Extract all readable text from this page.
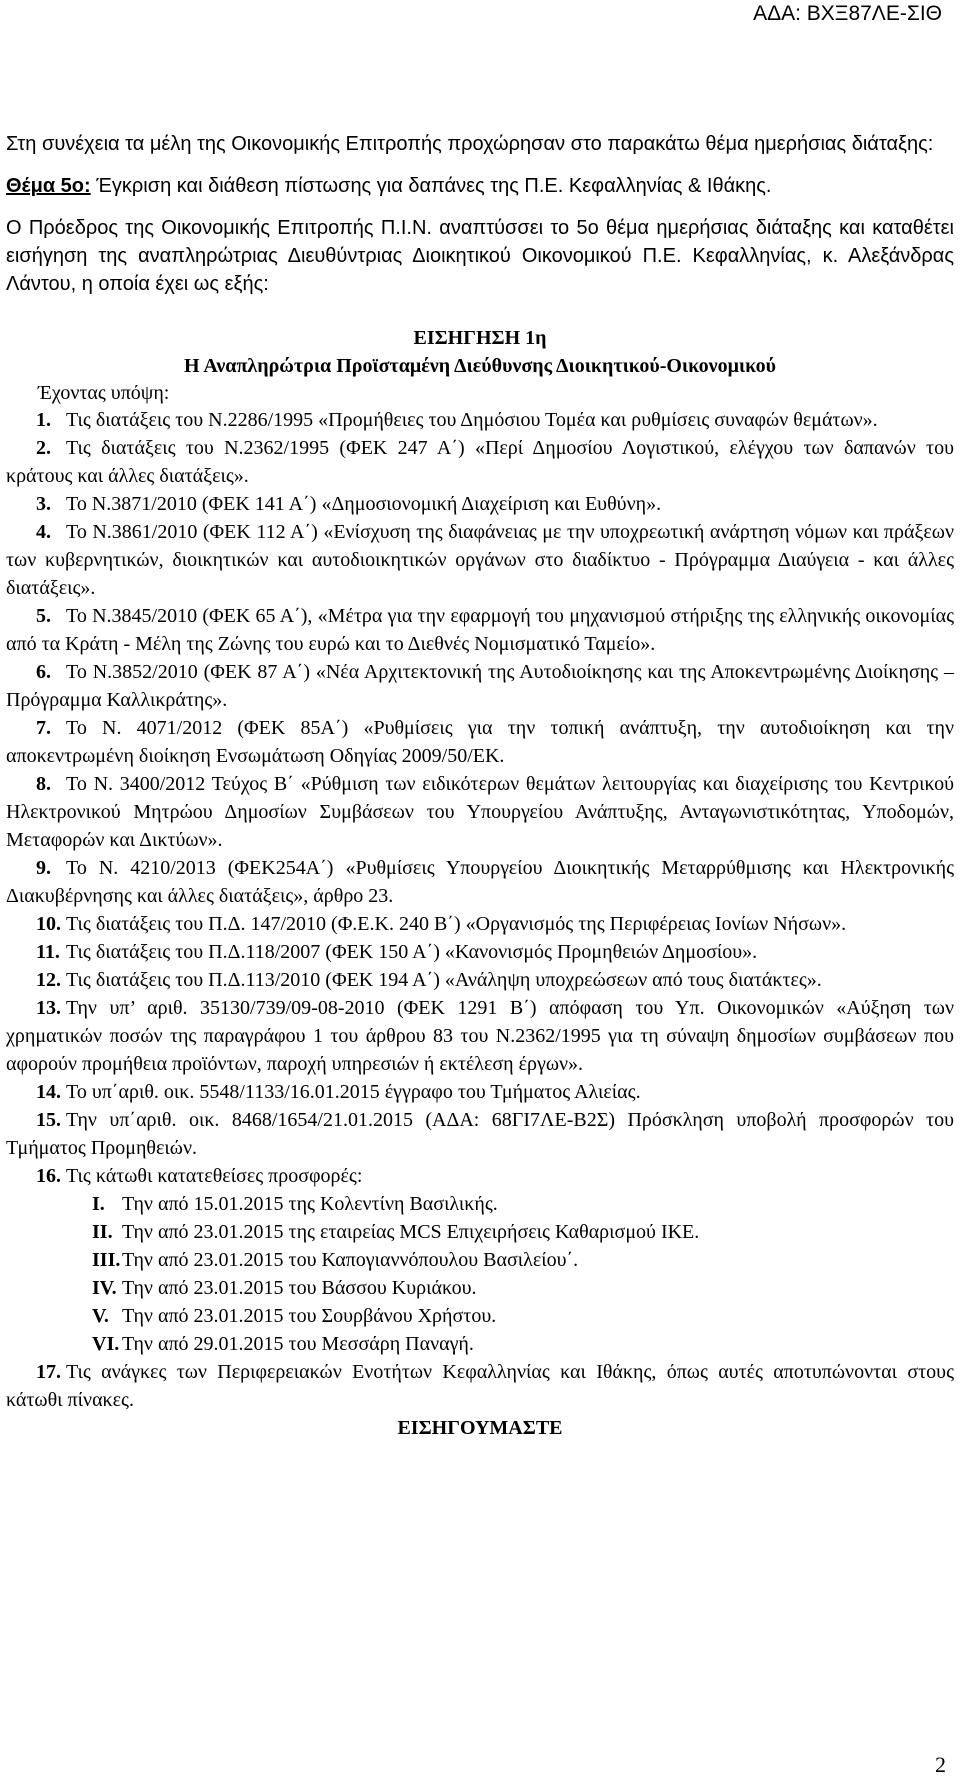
ΑΔΑ: ΒΧΞ87ΛΕ-ΣΙΘ
Στη συνέχεια τα μέλη της Οικονομικής Επιτροπής προχώρησαν στο παρακάτω θέμα ημερήσιας διάταξης:
Θέμα 5ο: Έγκριση και διάθεση πίστωσης για δαπάνες της Π.Ε. Κεφαλληνίας & Ιθάκης.
Ο Πρόεδρος της Οικονομικής Επιτροπής Π.Ι.Ν. αναπτύσσει το 5ο θέμα ημερήσιας διάταξης και καταθέτει εισήγηση της αναπληρώτριας Διευθύντριας Διοικητικού Οικονομικού Π.Ε. Κεφαλληνίας, κ. Αλεξάνδρας Λάντου, η οποία έχει ως εξής:
ΕΙΣΗΓΗΣΗ 1η
Η Αναπληρώτρια Προϊσταμένη Διεύθυνσης Διοικητικού-Οικονομικού
Έχοντας υπόψη:
1. Τις διατάξεις του Ν.2286/1995 «Προμήθειες του Δημόσιου Τομέα και ρυθμίσεις συναφών θεμάτων».
2. Τις διατάξεις του Ν.2362/1995 (ΦΕΚ 247 Α΄) «Περί Δημοσίου Λογιστικού, ελέγχου των δαπανών του κράτους και άλλες διατάξεις».
3. Το Ν.3871/2010 (ΦΕΚ 141 Α΄) «Δημοσιονομική Διαχείριση και Ευθύνη».
4. Το Ν.3861/2010 (ΦΕΚ 112 Α΄) «Ενίσχυση της διαφάνειας με την υποχρεωτική ανάρτηση νόμων και πράξεων των κυβερνητικών, διοικητικών και αυτοδιοικητικών οργάνων στο διαδίκτυο - Πρόγραμμα Διαύγεια - και άλλες διατάξεις».
5. Το Ν.3845/2010 (ΦΕΚ 65 Α΄), «Μέτρα για την εφαρμογή του μηχανισμού στήριξης της ελληνικής οικονομίας από τα Κράτη - Μέλη της Ζώνης του ευρώ και το Διεθνές Νομισματικό Ταμείο».
6. Το Ν.3852/2010 (ΦΕΚ 87 Α΄) «Νέα Αρχιτεκτονική της Αυτοδιοίκησης και της Αποκεντρωμένης Διοίκησης – Πρόγραμμα Καλλικράτης».
7. Το Ν. 4071/2012 (ΦΕΚ 85Α΄) «Ρυθμίσεις για την τοπική ανάπτυξη, την αυτοδιοίκηση και την αποκεντρωμένη διοίκηση Ενσωμάτωση Οδηγίας 2009/50/ΕΚ.
8. Το Ν. 3400/2012 Τεύχος Β΄ «Ρύθμιση των ειδικότερων θεμάτων λειτουργίας και διαχείρισης του Κεντρικού Ηλεκτρονικού Μητρώου Δημοσίων Συμβάσεων του Υπουργείου Ανάπτυξης, Ανταγωνιστικότητας, Υποδομών, Μεταφορών και Δικτύων».
9. Το Ν. 4210/2013 (ΦΕΚ254Α΄) «Ρυθμίσεις Υπουργείου Διοικητικής Μεταρρύθμισης και Ηλεκτρονικής Διακυβέρνησης και άλλες διατάξεις», άρθρο 23.
10. Τις διατάξεις του Π.Δ. 147/2010 (Φ.Ε.Κ. 240 Β΄) «Οργανισμός της Περιφέρειας Ιονίων Νήσων».
11. Τις διατάξεις του Π.Δ.118/2007 (ΦΕΚ 150 Α΄) «Κανονισμός Προμηθειών Δημοσίου».
12. Τις διατάξεις του Π.Δ.113/2010 (ΦΕΚ 194 Α΄) «Ανάληψη υποχρεώσεων από τους διατάκτες».
13. Την υπ’ αριθ. 35130/739/09-08-2010 (ΦΕΚ 1291 Β΄) απόφαση του Υπ. Οικονομικών «Αύξηση των χρηματικών ποσών της παραγράφου 1 του άρθρου 83 του Ν.2362/1995 για τη σύναψη δημοσίων συμβάσεων που αφορούν προμήθεια προϊόντων, παροχή υπηρεσιών ή εκτέλεση έργων».
14. Το υπ΄αριθ. οικ. 5548/1133/16.01.2015 έγγραφο του Τμήματος Αλιείας.
15. Την υπ΄αριθ. οικ. 8468/1654/21.01.2015 (ΑΔΑ: 68ΓΙ7ΛΕ-Β2Σ) Πρόσκληση υποβολή προσφορών του Τμήματος Προμηθειών.
16. Τις κάτωθι κατατεθείσες προσφορές:
I. Την από 15.01.2015 της Κολεντίνη Βασιλικής.
II. Την από 23.01.2015 της εταιρείας MCS Επιχειρήσεις Καθαρισμού ΙΚΕ.
III.Την από 23.01.2015 του Καπογιαννόπουλου Βασιλείου΄.
IV. Την από 23.01.2015 του Βάσσου Κυριάκου.
V. Την από 23.01.2015 του Σουρβάνου Χρήστου.
VI. Την από 29.01.2015 του Μεσσάρη Παναγή.
17. Τις ανάγκες των Περιφερειακών Ενοτήτων Κεφαλληνίας και Ιθάκης, όπως αυτές αποτυπώνονται στους κάτωθι πίνακες.
ΕΙΣΗΓΟΥΜΑΣΤΕ
2
